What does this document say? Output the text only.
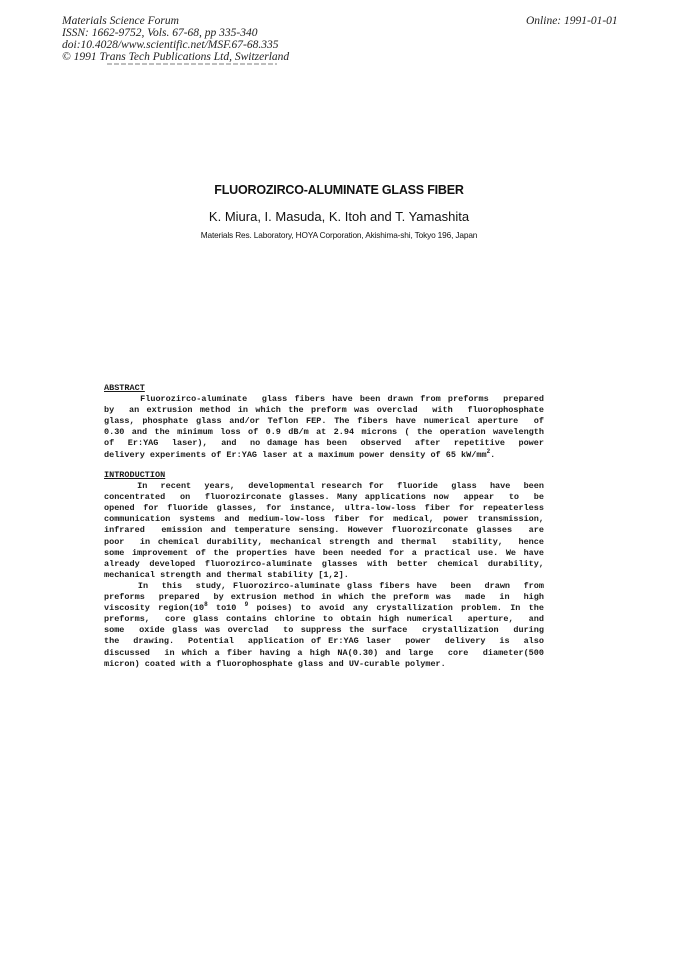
Materials Science Forum
ISSN: 1662-9752, Vols. 67-68, pp 335-340
doi:10.4028/www.scientific.net/MSF.67-68.335
© 1991 Trans Tech Publications Ltd, Switzerland
Online: 1991-01-01
FLUOROZIRCO-ALUMINATE GLASS FIBER
K. Miura, I. Masuda, K. Itoh and T. Yamashita
Materials Res. Laboratory, HOYA Corporation, Akishima-shi, Tokyo 196, Japan
ABSTRACT
Fluorozirco-aluminate  glass fibers have been drawn from preforms  prepared
by  an extrusion method in which the preform was overclad  with  fluorophosphate
glass, phosphate glass and/or Teflon FEP. The fibers have numerical aperture  of
0.30 and the minimum loss of 0.9 dB/m at 2.94 microns ( the operation wavelength
of  Er:YAG  laser),  and  no damage has been  observed  after  repetitive  power
delivery experiments of Er:YAG laser at a maximum power density of 65 $kW/mm^2$.
INTRODUCTION
In  recent  years,  developmental research for  fluoride  glass  have  been
concentrated  on  fluorozirconate glasses. Many applications now  appear  to  be
opened for fluoride glasses, for instance, ultra-low-loss fiber for repeaterless
communication systems and medium-low-loss fiber for medical, power transmission,
infrared  emission and temperature sensing. However fluorozirconate glasses  are
poor  in chemical durability, mechanical strength and thermal  stability,  hence
some improvement of the properties have been needed for a practical use. We have
already developed fluorozirco-aluminate glasses with better chemical durability,
mechanical strength and thermal stability [1,2].
In  this  study, Fluorozirco-aluminate glass fibers have  been  drawn  from
preforms  prepared  by extrusion method in which the preform was  made  in  high
viscosity $region(10^8$ to10 $^9$ poises) to avoid any crystallization problem. In the
preforms,  core glass contains chlorine to obtain high numerical  aperture,  and
some  oxide glass was overclad  to suppress the surface  crystallization  during
the  drawing.  Potential  application of Er:YAG laser  power  delivery  is  also
discussed  in which a fiber having a high NA(0.30) and large  core  diameter(500
micron) coated with a fluorophosphate glass and UV-curable polymer.
